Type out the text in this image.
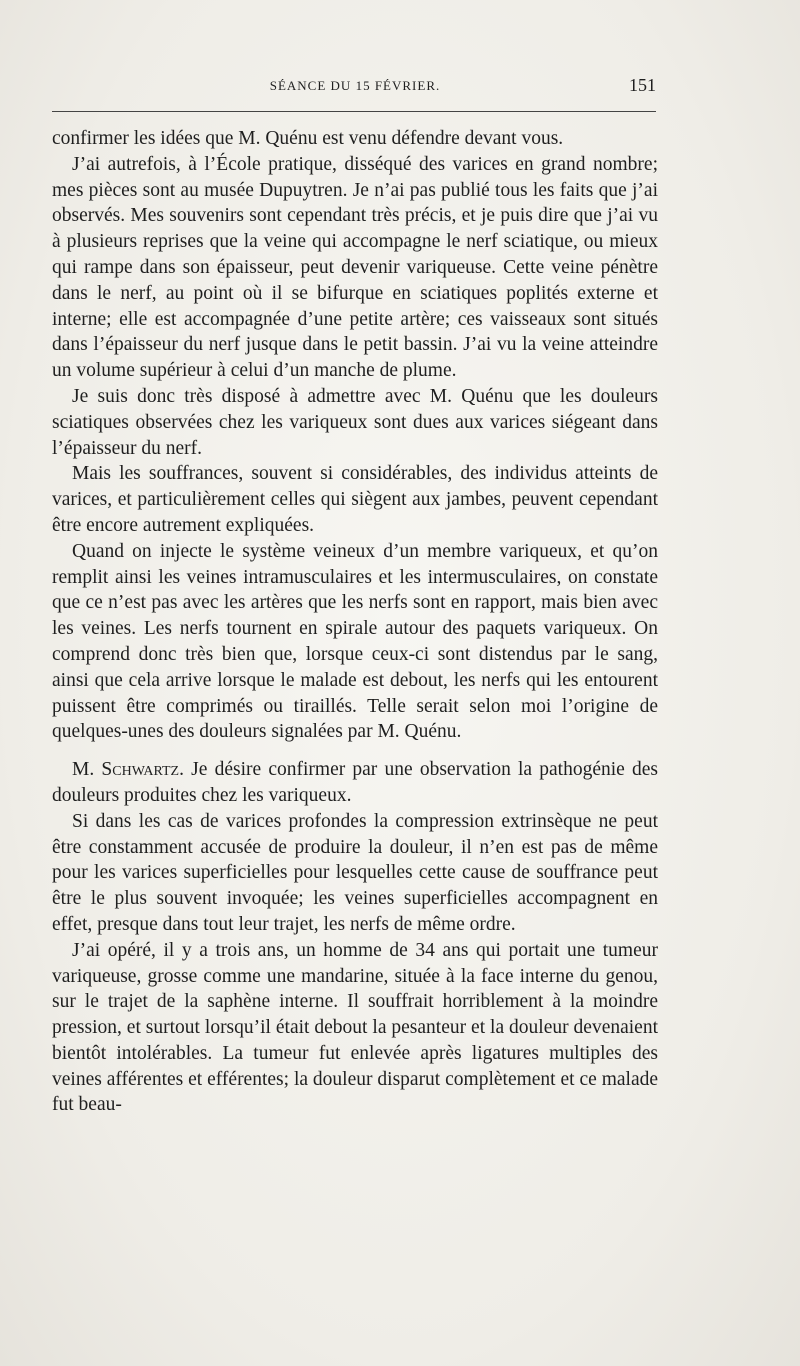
SÉANCE DU 15 FÉVRIER.	151

confirmer les idées que M. Quénu est venu défendre devant vous.

J’ai autrefois, à l’École pratique, disséqué des varices en grand nombre; mes pièces sont au musée Dupuytren. Je n’ai pas publié tous les faits que j’ai observés. Mes souvenirs sont cependant très précis, et je puis dire que j’ai vu à plusieurs reprises que la veine qui accompagne le nerf sciatique, ou mieux qui rampe dans son épaisseur, peut devenir variqueuse. Cette veine pénètre dans le nerf, au point où il se bifurque en sciatiques poplités externe et interne; elle est accompagnée d’une petite artère; ces vaisseaux sont situés dans l’épaisseur du nerf jusque dans le petit bassin. J’ai vu la veine atteindre un volume supérieur à celui d’un manche de plume.

Je suis donc très disposé à admettre avec M. Quénu que les douleurs sciatiques observées chez les variqueux sont dues aux varices siégeant dans l’épaisseur du nerf.

Mais les souffrances, souvent si considérables, des individus atteints de varices, et particulièrement celles qui siègent aux jambes, peuvent cependant être encore autrement expliquées.

Quand on injecte le système veineux d’un membre variqueux, et qu’on remplit ainsi les veines intramusculaires et les intermusculaires, on constate que ce n’est pas avec les artères que les nerfs sont en rapport, mais bien avec les veines. Les nerfs tournent en spirale autour des paquets variqueux. On comprend donc très bien que, lorsque ceux-ci sont distendus par le sang, ainsi que cela arrive lorsque le malade est debout, les nerfs qui les entourent puissent être comprimés ou tiraillés. Telle serait selon moi l’origine de quelques-unes des douleurs signalées par M. Quénu.

M. Schwartz. Je désire confirmer par une observation la pathogénie des douleurs produites chez les variqueux.

Si dans les cas de varices profondes la compression extrinsèque ne peut être constamment accusée de produire la douleur, il n’en est pas de même pour les varices superficielles pour lesquelles cette cause de souffrance peut être le plus souvent invoquée; les veines superficielles accompagnent en effet, presque dans tout leur trajet, les nerfs de même ordre.

J’ai opéré, il y a trois ans, un homme de 34 ans qui portait une tumeur variqueuse, grosse comme une mandarine, située à la face interne du genou, sur le trajet de la saphène interne. Il souffrait horriblement à la moindre pression, et surtout lorsqu’il était debout la pesanteur et la douleur devenaient bientôt intolérables. La tumeur fut enlevée après ligatures multiples des veines afférentes et efférentes; la douleur disparut complètement et ce malade fut beau-
